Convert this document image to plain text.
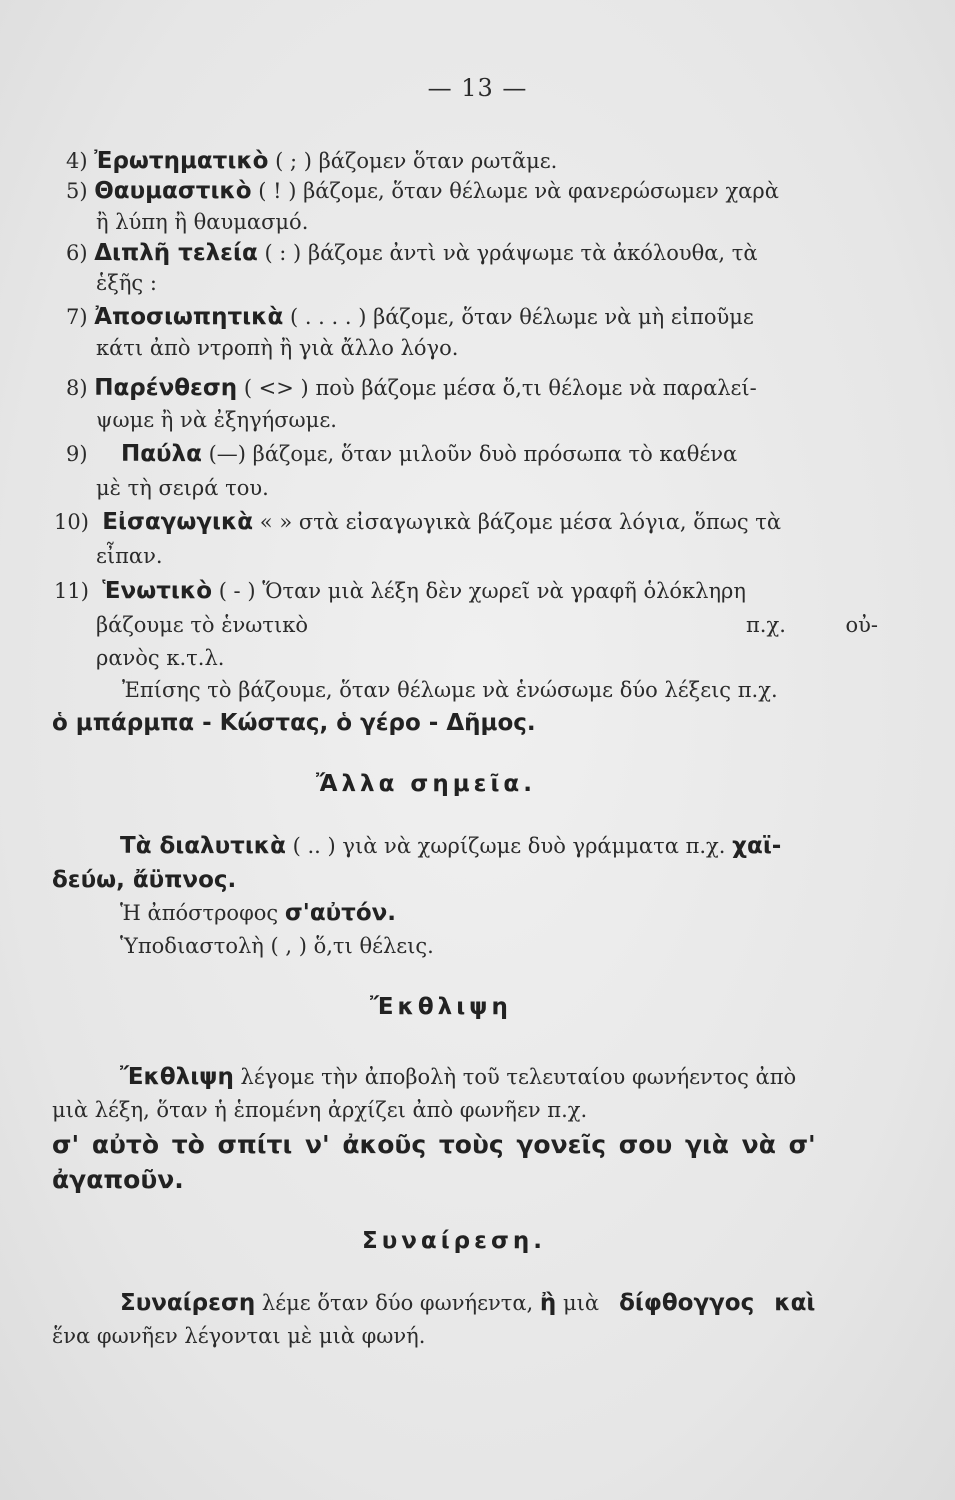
— 13 —
4) Ἐρωτηματικὸ ( ; ) βάζομεν ὅταν ρωτᾶμε.
5) Θαυμαστικὸ ( ! ) βάζομε, ὅταν θέλωμε νὰ φανερώσωμεν χαρὰ
ἢ λύπη ἢ θαυμασμό.
6) Διπλῆ τελεία ( : ) βάζομε ἀντὶ νὰ γράψωμε τὰ ἀκόλουθα, τὰ
ἑξῆς :
7) Ἀποσιωπητικὰ ( . . . . ) βάζομε, ὅταν θέλωμε νὰ μὴ εἰποῦμε
κάτι ἀπὸ ντροπὴ ἢ γιὰ ἄλλο λόγο.
8) Παρένθεση ( <> ) ποὺ βάζομε μέσα ὅ,τι θέλομε νὰ παραλεί-
ψωμε ἢ νὰ ἐξηγήσωμε.
9) Παύλα (—) βάζομε, ὅταν μιλοῦν δυὸ πρόσωπα τὸ καθένα
μὲ τὴ σειρά του.
10) Εἰσαγωγικὰ « » στὰ εἰσαγωγικὰ βάζομε μέσα λόγια, ὅπως τὰ
εἶπαν.
11) Ἑνωτικὸ ( - ) Ὅταν μιὰ λέξη δὲν χωρεῖ νὰ γραφῆ ὁλόκληρη
βάζουμε τὸ ἑνωτικὸ	π.χ.	οὐ-
ρανὸς κ.τ.λ.
Ἐπίσης τὸ βάζουμε, ὅταν θέλωμε νὰ ἑνώσωμε δύο λέξεις π.χ.
ὁ μπάρμπα - Κώστας, ὁ γέρο - Δῆμος.
Ἄλλα σημεῖα.
Τὰ διαλυτικὰ ( .. ) γιὰ νὰ χωρίζωμε δυὸ γράμματα π.χ. χαϊ-
δεύω, ἄϋπνος.
Ἡ ἀπόστροφος σ'αὐτόν.
Ὑποδιαστολὴ ( , ) ὅ,τι θέλεις.
Ἔκθλιψη
Ἔκθλιψη λέγομε τὴν ἀποβολὴ τοῦ τελευταίου φωνήεντος ἀπὸ
μιὰ λέξη, ὅταν ἡ ἑπομένη ἀρχίζει ἀπὸ φωνῆεν π.χ.
σ' αὐτὸ τὸ σπίτι ν' ἀκοῦς τοὺς γονεῖς σου γιὰ νὰ σ'
ἀγαποῦν.
Συναίρεση.
Συναίρεση λέμε ὅταν δύο φωνήεντα, ἢ μιὰ δίφθογγος καὶ
ἕνα φωνῆεν λέγονται μὲ μιὰ φωνή.
